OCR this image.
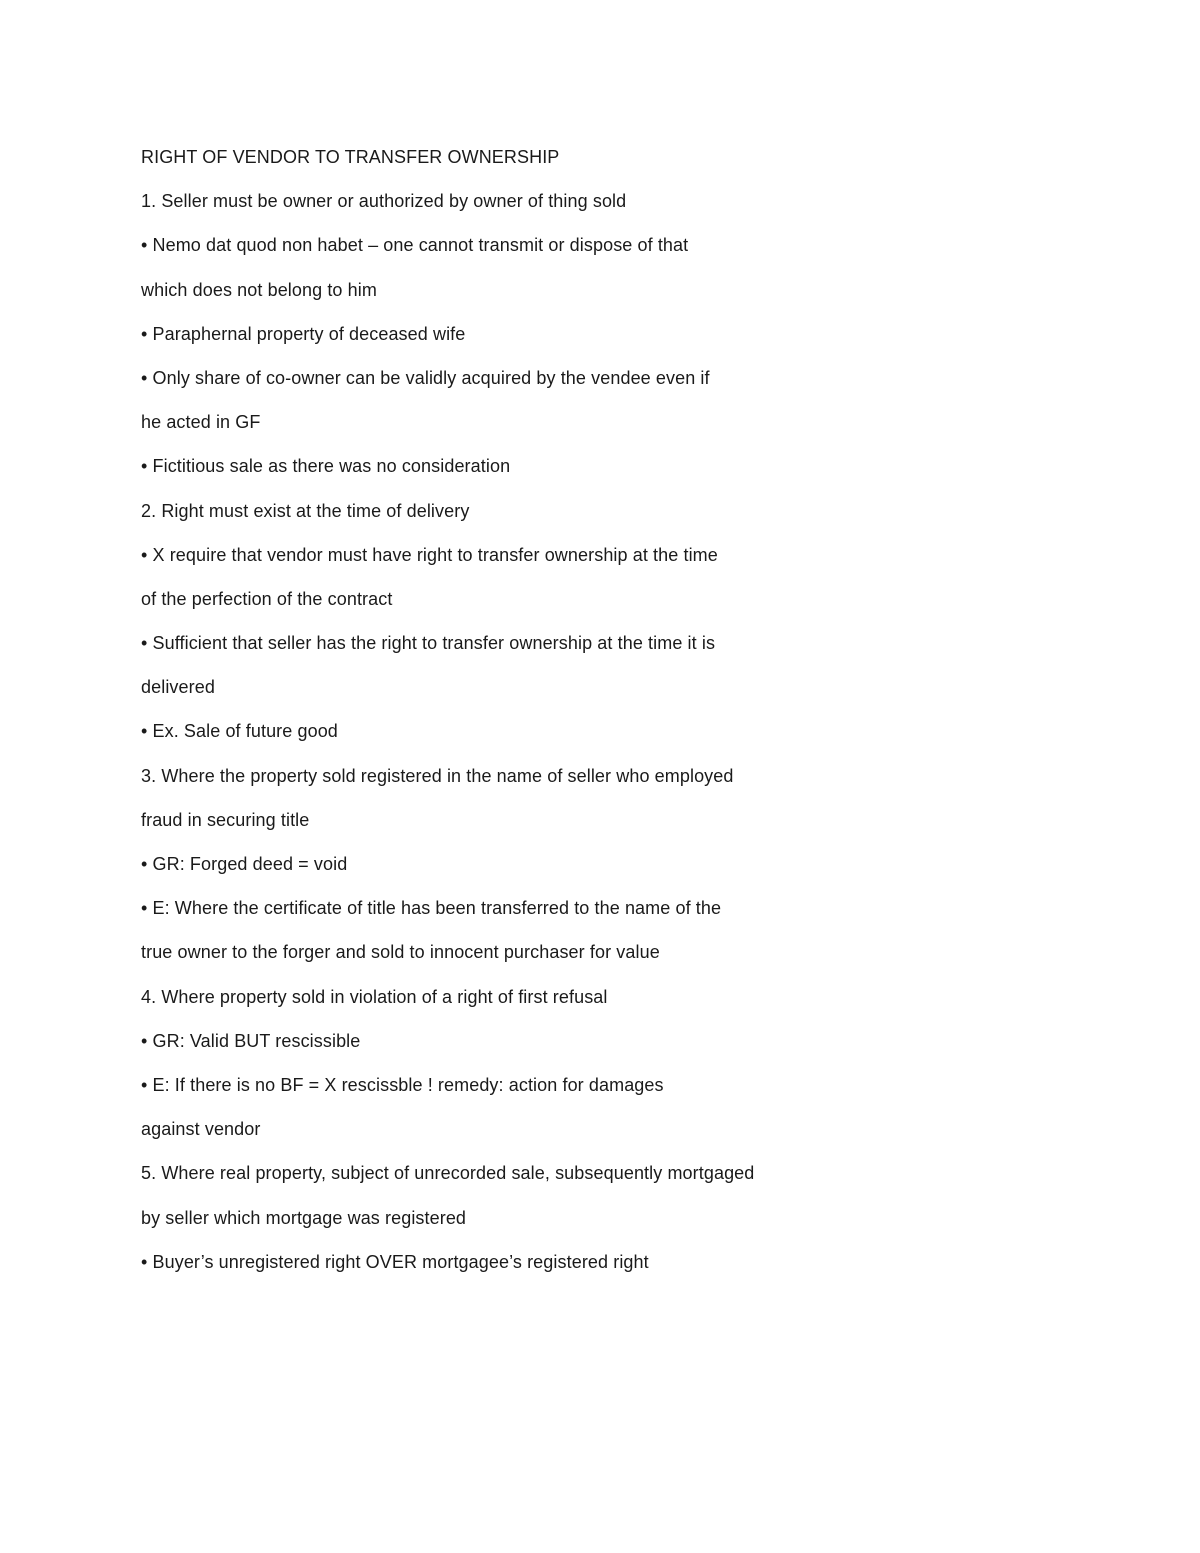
RIGHT OF VENDOR TO TRANSFER OWNERSHIP
1. Seller must be owner or authorized by owner of thing sold
• Nemo dat quod non habet – one cannot transmit or dispose of that
which does not belong to him
• Paraphernal property of deceased wife
• Only share of co-owner can be validly acquired by the vendee even if
he acted in GF
• Fictitious sale as there was no consideration
2. Right must exist at the time of delivery
• X require that vendor must have right to transfer ownership at the time
of the perfection of the contract
• Sufficient that seller has the right to transfer ownership at the time it is
delivered
• Ex. Sale of future good
3. Where the property sold registered in the name of seller who employed
fraud in securing title
• GR: Forged deed = void
• E: Where the certificate of title has been transferred to the name of the
true owner to the forger and sold to innocent purchaser for value
4. Where property sold in violation of a right of first refusal
• GR: Valid BUT rescissible
• E: If there is no BF = X rescissble ! remedy: action for damages
against vendor
5. Where real property, subject of unrecorded sale, subsequently mortgaged
by seller which mortgage was registered
• Buyer’s unregistered right OVER mortgagee’s registered right
